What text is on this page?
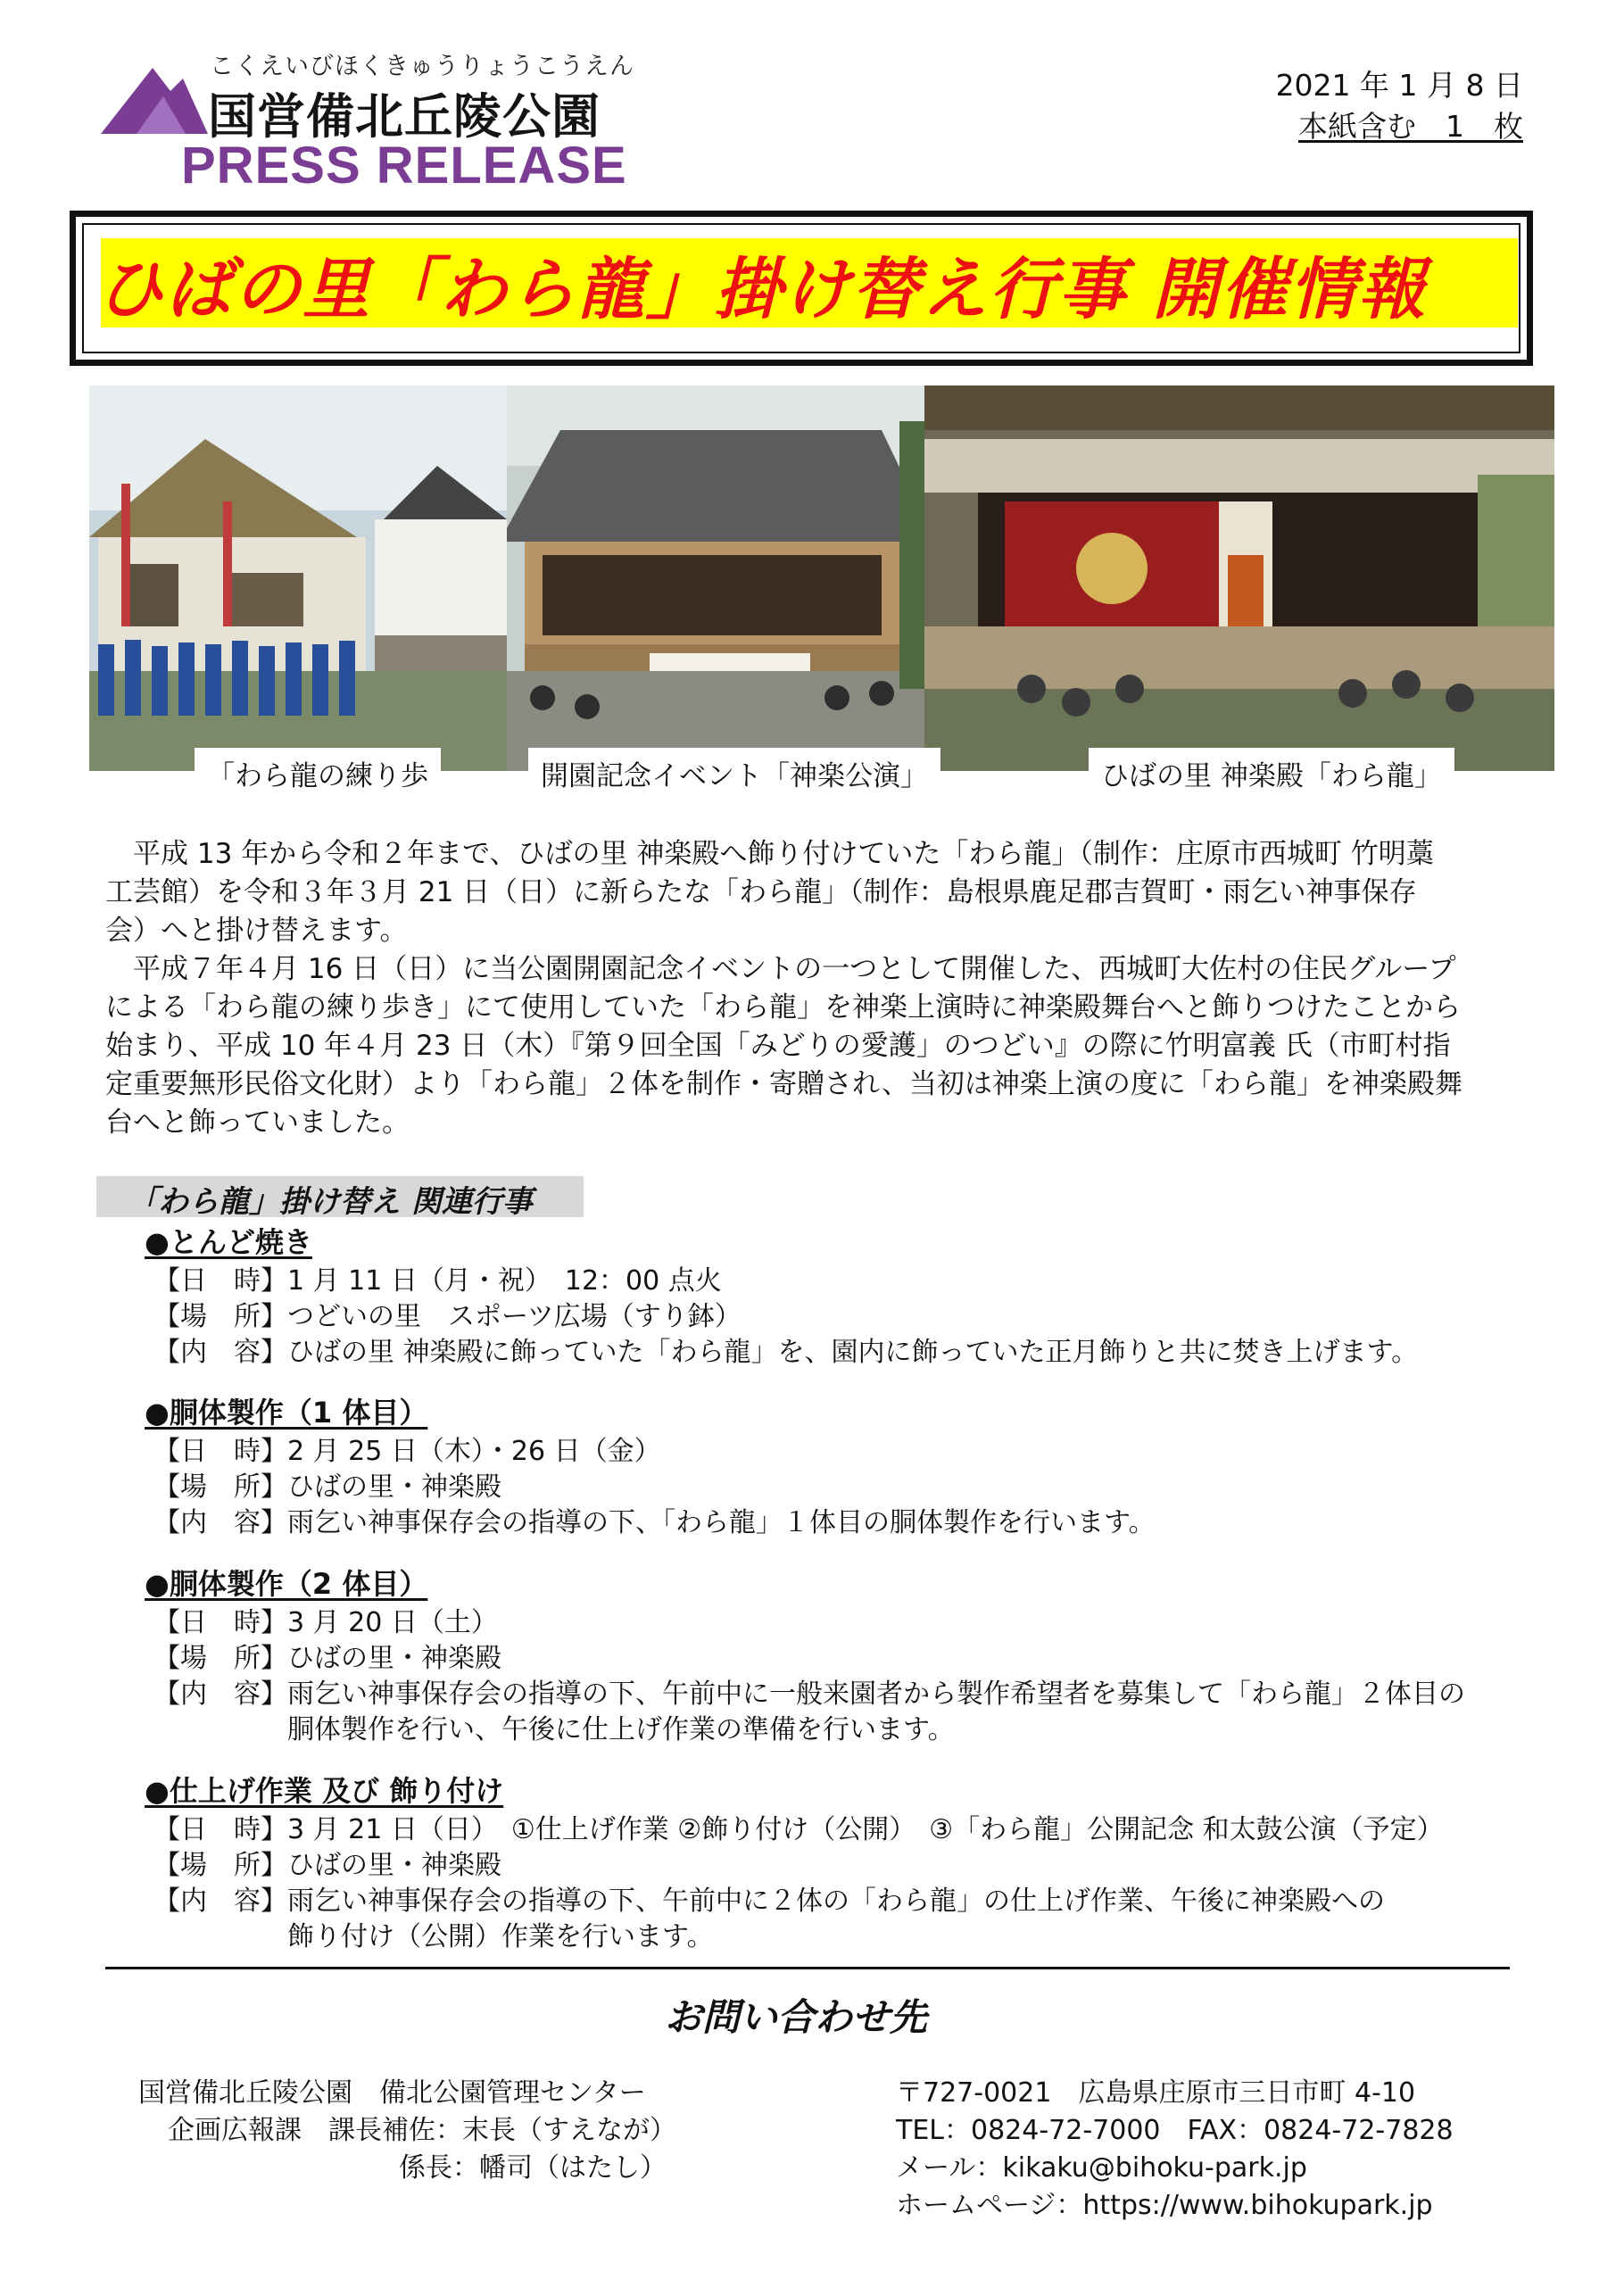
こくえいびほくきゅうりょうこうえん
国営備北丘陵公園
PRESS RELEASE
2021 年 1 月 8 日
本紙含む　1　枚
ひばの里「わら龍」掛け替え行事 開催情報
「わら龍の練り歩	開園記念イベント「神楽公演」	ひばの里 神楽殿「わら龍」

　平成 13 年から令和２年まで、ひばの里 神楽殿へ飾り付けていた「わら龍」（制作：庄原市西城町 竹明藁

工芸館）を令和３年３月 21 日（日）に新らたな「わら龍」（制作：島根県鹿足郡吉賀町・雨乞い神事保存

会）へと掛け替えます。

　平成７年４月 16 日（日）に当公園開園記念イベントの一つとして開催した、西城町大佐村の住民グループ

による「わら龍の練り歩き」にて使用していた「わら龍」を神楽上演時に神楽殿舞台へと飾りつけたことから

始まり、平成 10 年４月 23 日（木）『第９回全国「みどりの愛護」のつどい』の際に竹明富義 氏（市町村指

定重要無形民俗文化財）より「わら龍」２体を制作・寄贈され、当初は神楽上演の度に「わら龍」を神楽殿舞

台へと飾っていました。

「わら龍」掛け替え 関連行事
●とんど焼き
【日　時】 1 月 11 日（月・祝）　12：00 点火
【場　所】 つどいの里　スポーツ広場（すり鉢）
【内　容】 ひばの里 神楽殿に飾っていた「わら龍」を、園内に飾っていた正月飾りと共に焚き上げます。
●胴体製作（1 体目）
【日　時】 2 月 25 日（木）・26 日（金）
【場　所】 ひばの里・神楽殿
【内　容】 雨乞い神事保存会の指導の下、「わら龍」１体目の胴体製作を行います。
●胴体製作（2 体目）
【日　時】 3 月 20 日（土）
【場　所】 ひばの里・神楽殿
【内　容】 雨乞い神事保存会の指導の下、午前中に一般来園者から製作希望者を募集して「わら龍」２体目の
胴体製作を行い、午後に仕上げ作業の準備を行います。
●仕上げ作業 及び 飾り付け
【日　時】 3 月 21 日（日）　①仕上げ作業 ②飾り付け（公開）　③「わら龍」公開記念 和太鼓公演（予定）
【場　所】 ひばの里・神楽殿
【内　容】 雨乞い神事保存会の指導の下、午前中に２体の「わら龍」の仕上げ作業、午後に神楽殿への
飾り付け（公開）作業を行います。
お問い合わせ先
国営備北丘陵公園　備北公園管理センター
企画広報課　課長補佐：末長（すえなが）
係長：幡司（はたし）
〒727-0021　広島県庄原市三日市町 4-10
TEL：0824-72-7000　FAX：0824-72-7828
メール：kikaku@bihoku-park.jp
ホームページ：https://www.bihokupark.jp
